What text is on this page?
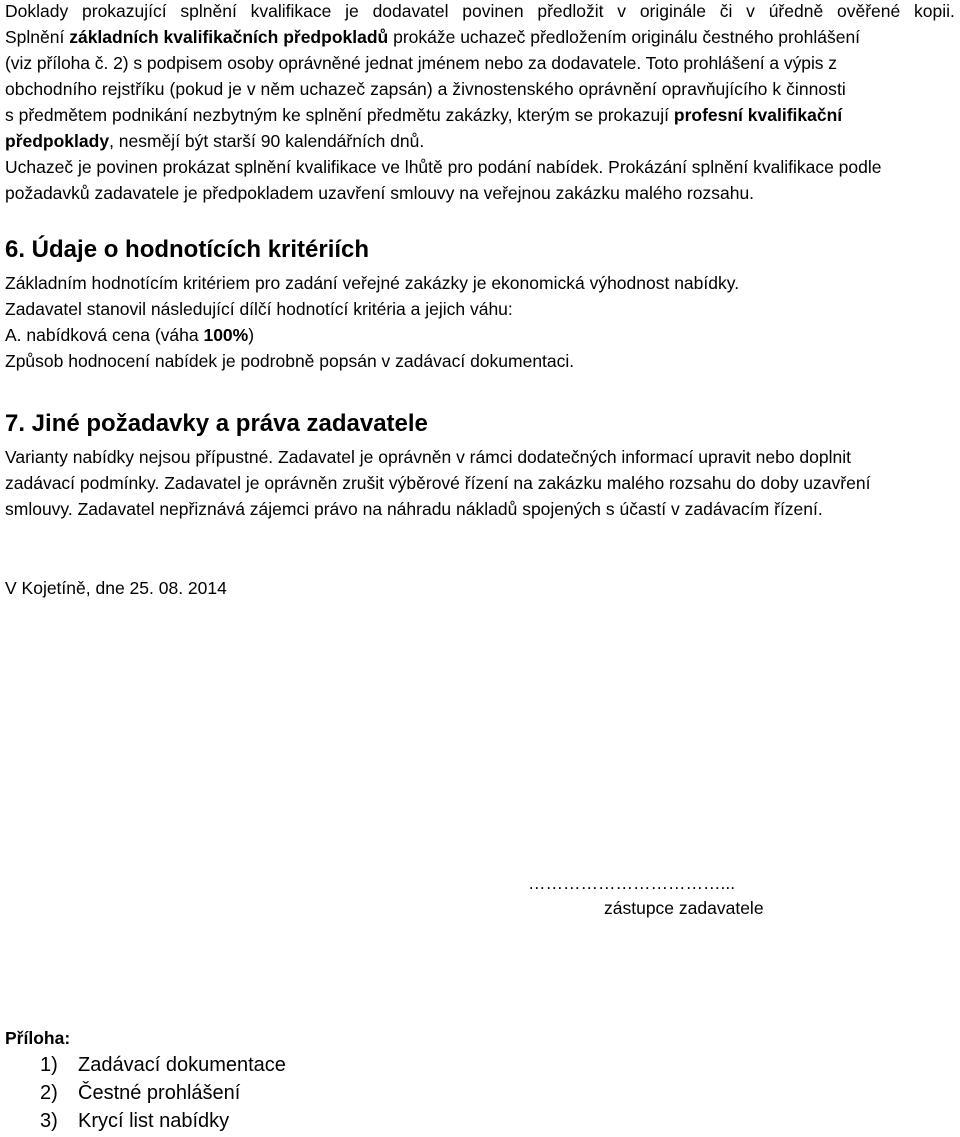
Doklady prokazující splnění kvalifikace je dodavatel povinen předložit v originále či v úředně ověřené kopii.
Splnění základních kvalifikačních předpokladů prokáže uchazeč předložením originálu čestného prohlášení
(viz příloha č. 2) s podpisem osoby oprávněné jednat jménem nebo za dodavatele. Toto prohlášení a výpis z
obchodního rejstříku (pokud je v něm uchazeč zapsán) a živnostenského oprávnění opravňujícího k činnosti
s předmětem podnikání nezbytným ke splnění předmětu zakázky, kterým se prokazují profesní kvalifikační
předpoklady, nesmějí být starší 90 kalendářních dnů.
Uchazeč je povinen prokázat splnění kvalifikace ve lhůtě pro podání nabídek. Prokázání splnění kvalifikace podle
požadavků zadavatele je předpokladem uzavření smlouvy na veřejnou zakázku malého rozsahu.
6. Údaje o hodnotících kritériích
Základním hodnotícím kritériem pro zadání veřejné zakázky je ekonomická výhodnost nabídky.
Zadavatel stanovil následující dílčí hodnotící kritéria a jejich váhu:
A. nabídková cena (váha 100%)
Způsob hodnocení nabídek je podrobně popsán v zadávací dokumentaci.
7. Jiné požadavky a práva zadavatele
Varianty nabídky nejsou přípustné. Zadavatel je oprávněn v rámci dodatečných informací upravit nebo doplnit
zadávací podmínky. Zadavatel je oprávněn zrušit výběrové řízení na zakázku malého rozsahu do doby uzavření
smlouvy. Zadavatel nepřiznává zájemci právo na náhradu nákladů spojených s účastí v zadávacím řízení.
V Kojetíně, dne 25. 08. 2014
……………………………...
zástupce zadavatele
Příloha:
1) Zadávací dokumentace
2) Čestné prohlášení
3) Krycí list nabídky
